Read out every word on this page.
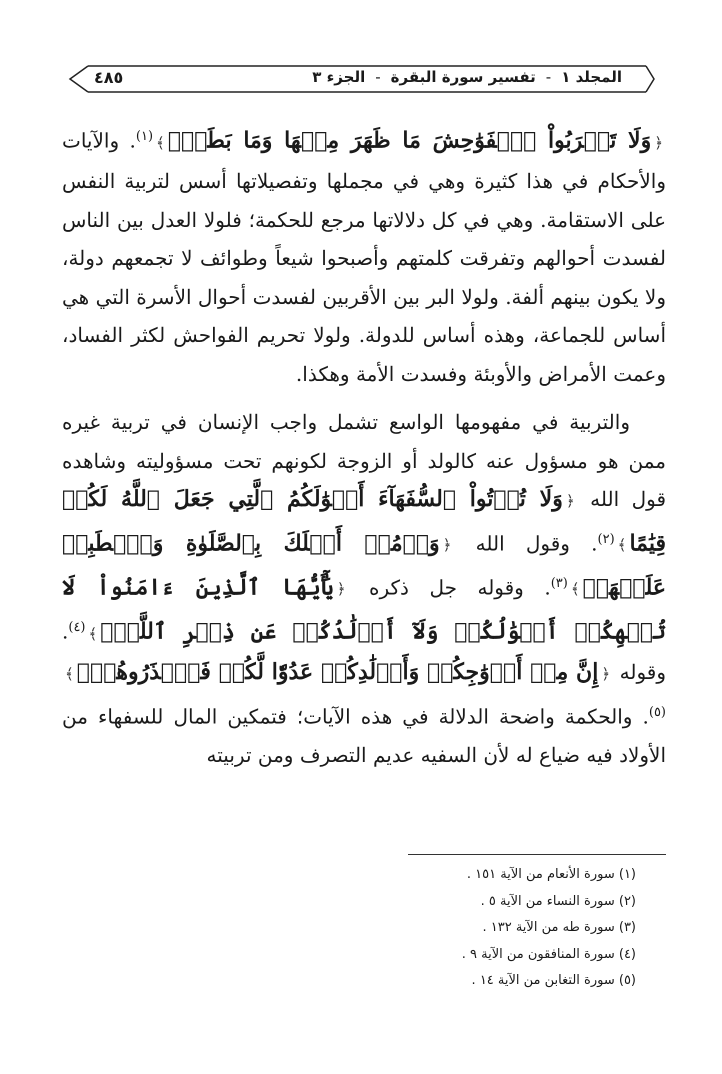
٤٨٥	المجلد ١-تفسير سورة البقرة-الجزء ٣

﴿وَلَا تَقۡرَبُواْ ٱلۡفَوَٰحِشَ مَا ظَهَرَ مِنۡهَا وَمَا بَطَنَۖ﴾$^{(١)}$. والآيات والأحكام في هذا كثيرة وهي في مجملها وتفصيلاتها أسس لتربية النفس على الاستقامة. وهي في كل دلالاتها مرجع للحكمة؛ فلولا العدل بين الناس لفسدت أحوالهم وتفرقت كلمتهم وأصبحوا شيعاً وطوائف لا تجمعهم دولة، ولا يكون بينهم ألفة. ولولا البر بين الأقربين لفسدت أحوال الأسرة التي هي أساس للجماعة، وهذه أساس للدولة. ولولا تحريم الفواحش لكثر الفساد، وعمت الأمراض والأوبئة وفسدت الأمة وهكذا.

والتربية في مفهومها الواسع تشمل واجب الإنسان في تربية غيره ممن هو مسؤول عنه كالولد أو الزوجة لكونهم تحت مسؤوليته وشاهده قول الله ﴿وَلَا تُؤۡتُواْ ٱلسُّفَهَآءَ أَمۡوَٰلَكُمُ ٱلَّتِي جَعَلَ ٱللَّهُ لَكُمۡ قِيَٰمًا﴾$^{(٢)}$. وقول الله ﴿وَأۡمُرۡ أَهۡلَكَ بِٱلصَّلَوٰةِ وَٱصۡطَبِرۡ عَلَيۡهَاۖ﴾$^{(٣)}$. وقوله جل ذكره ﴿يَٰٓأَيُّهَا ٱلَّذِينَ ءَامَنُواْ لَا تُلۡهِكُمۡ أَمۡوَٰلُكُمۡ وَلَآ أَوۡلَٰدُكُمۡ عَن ذِكۡرِ ٱللَّهِۚ﴾$^{(٤)}$. وقوله ﴿إِنَّ مِنۡ أَزۡوَٰجِكُمۡ وَأَوۡلَٰدِكُمۡ عَدُوّٗا لَّكُمۡ فَٱحۡذَرُوهُمۡۚ﴾$^{(٥)}$. والحكمة واضحة الدلالة في هذه الآيات؛ فتمكين المال للسفهاء من الأولاد فيه ضياع له لأن السفيه عديم التصرف ومن تربيته

(١) سورة الأنعام من الآية ١٥١ .
(٢) سورة النساء من الآية ٥ .
(٣) سورة طه من الآية ١٣٢ .
(٤) سورة المنافقون من الآية ٩ .
(٥) سورة التغابن من الآية ١٤ .
